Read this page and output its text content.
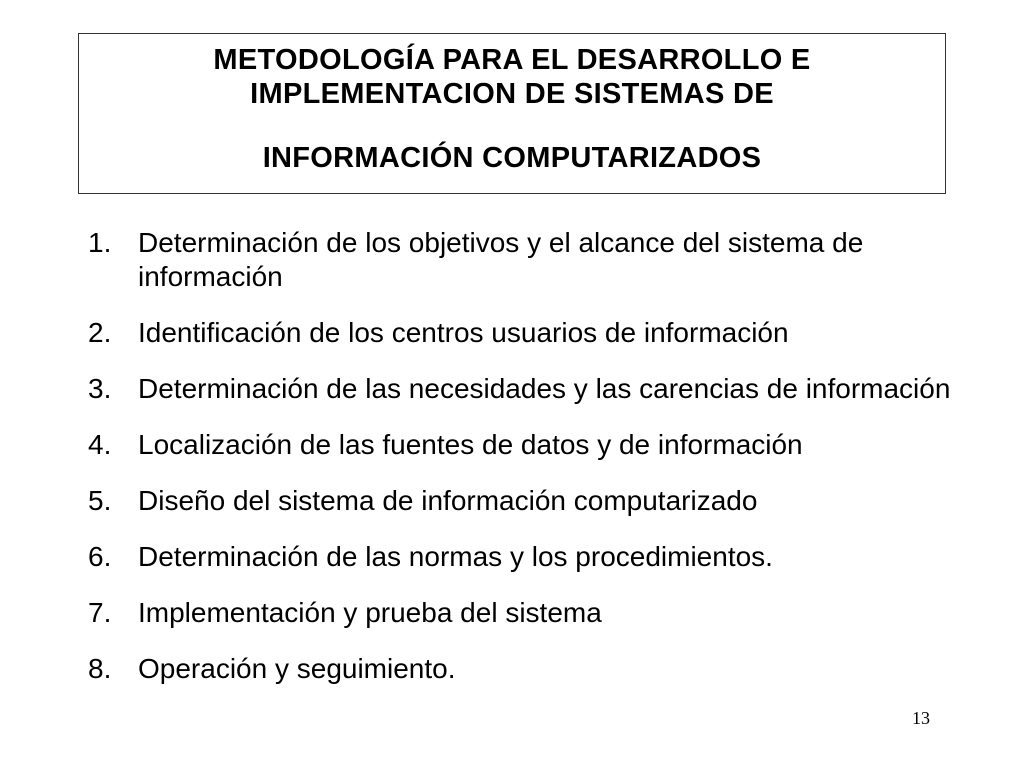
METODOLOGÍA PARA EL DESARROLLO E
IMPLEMENTACION DE SISTEMAS DE
INFORMACIÓN COMPUTARIZADOS
1. Determinación de los objetivos y el alcance del sistema de información
2. Identificación de los centros usuarios de información
3. Determinación de las necesidades y las carencias de información
4. Localización de las fuentes de datos y de información
5. Diseño del sistema de información computarizado
6. Determinación de las normas y los procedimientos.
7. Implementación y prueba del sistema
8. Operación y seguimiento.
13
